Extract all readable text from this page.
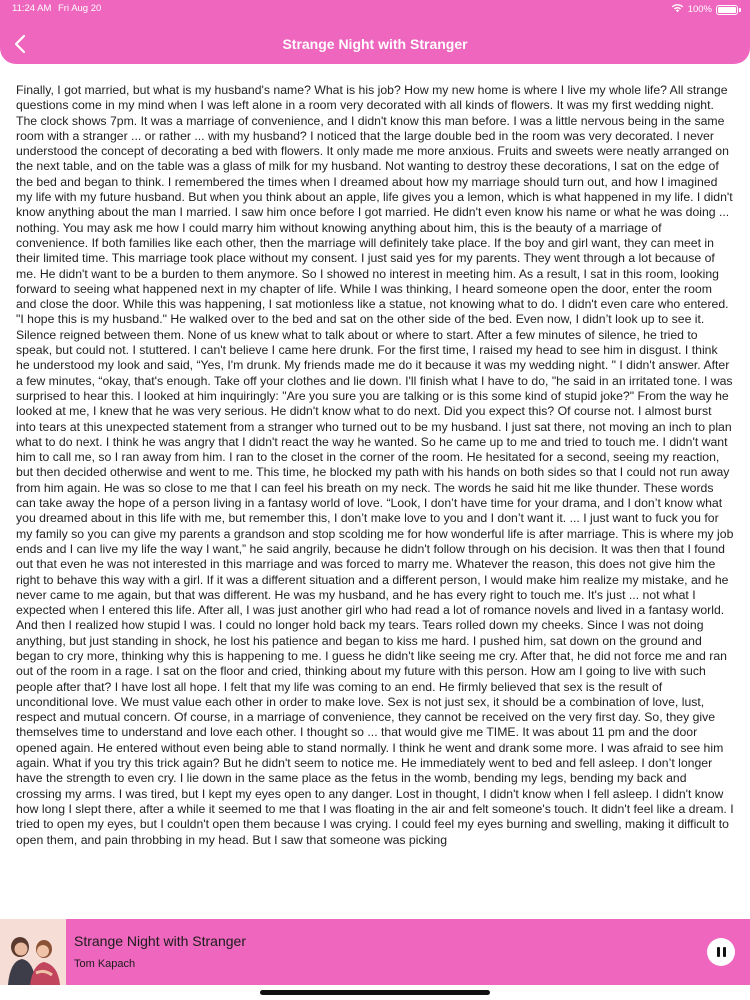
11:24 AM Fri Aug 20	100%
Strange Night with Stranger

Finally, I got married, but what is my husband's name? What is his job? How my new home is where I live my whole life? All strange questions come in my mind when I was left alone in a room very decorated with all kinds of flowers. It was my first wedding night. The clock shows 7pm. It was a marriage of convenience, and I didn't know this man before. I was a little nervous being in the same room with a stranger ... or rather ... with my husband? I noticed that the large double bed in the room was very decorated. I never understood the concept of decorating a bed with flowers. It only made me more anxious. Fruits and sweets were neatly arranged on the next table, and on the table was a glass of milk for my husband. Not wanting to destroy these decorations, I sat on the edge of the bed and began to think. I remembered the times when I dreamed about how my marriage should turn out, and how I imagined my life with my future husband. But when you think about an apple, life gives you a lemon, which is what happened in my life. I didn't know anything about the man I married. I saw him once before I got married. He didn't even know his name or what he was doing ... nothing. You may ask me how I could marry him without knowing anything about him, this is the beauty of a marriage of convenience. If both families like each other, then the marriage will definitely take place. If the boy and girl want, they can meet in their limited time. This marriage took place without my consent. I just said yes for my parents. They went through a lot because of me. He didn't want to be a burden to them anymore. So I showed no interest in meeting him. As a result, I sat in this room, looking forward to seeing what happened next in my chapter of life. While I was thinking, I heard someone open the door, enter the room and close the door. While this was happening, I sat motionless like a statue, not knowing what to do. I didn't even care who entered. "I hope this is my husband." He walked over to the bed and sat on the other side of the bed. Even now, I didn’t look up to see it. Silence reigned between them. None of us knew what to talk about or where to start. After a few minutes of silence, he tried to speak, but could not. I stuttered. I can't believe I came here drunk. For the first time, I raised my head to see him in disgust. I think he understood my look and said, “Yes, I'm drunk. My friends made me do it because it was my wedding night. " I didn't answer. After a few minutes, “okay, that's enough. Take off your clothes and lie down. I'll finish what I have to do, "he said in an irritated tone. I was surprised to hear this. I looked at him inquiringly: "Are you sure you are talking or is this some kind of stupid joke?" From the way he looked at me, I knew that he was very serious. He didn't know what to do next. Did you expect this? Of course not. I almost burst into tears at this unexpected statement from a stranger who turned out to be my husband. I just sat there, not moving an inch to plan what to do next. I think he was angry that I didn't react the way he wanted. So he came up to me and tried to touch me. I didn't want him to call me, so I ran away from him. I ran to the closet in the corner of the room. He hesitated for a second, seeing my reaction, but then decided otherwise and went to me. This time, he blocked my path with his hands on both sides so that I could not run away from him again. He was so close to me that I can feel his breath on my neck. The words he said hit me like thunder. These words can take away the hope of a person living in a fantasy world of love. “Look, I don’t have time for your drama, and I don’t know what you dreamed about in this life with me, but remember this, I don’t make love to you and I don’t want it. ... I just want to fuck you for my family so you can give my parents a grandson and stop scolding me for how wonderful life is after marriage. This is where my job ends and I can live my life the way I want,” he said angrily, because he didn't follow through on his decision. It was then that I found out that even he was not interested in this marriage and was forced to marry me. Whatever the reason, this does not give him the right to behave this way with a girl. If it was a different situation and a different person, I would make him realize my mistake, and he never came to me again, but that was different. He was my husband, and he has every right to touch me. It's just ... not what I expected when I entered this life. After all, I was just another girl who had read a lot of romance novels and lived in a fantasy world. And then I realized how stupid I was. I could no longer hold back my tears. Tears rolled down my cheeks. Since I was not doing anything, but just standing in shock, he lost his patience and began to kiss me hard. I pushed him, sat down on the ground and began to cry more, thinking why this is happening to me. I guess he didn't like seeing me cry. After that, he did not force me and ran out of the room in a rage. I sat on the floor and cried, thinking about my future with this person. How am I going to live with such people after that? I have lost all hope. I felt that my life was coming to an end. He firmly believed that sex is the result of unconditional love. We must value each other in order to make love. Sex is not just sex, it should be a combination of love, lust, respect and mutual concern. Of course, in a marriage of convenience, they cannot be received on the very first day. So, they give themselves time to understand and love each other. I thought so ... that would give me TIME. It was about 11 pm and the door opened again. He entered without even being able to stand normally. I think he went and drank some more. I was afraid to see him again. What if you try this trick again? But he didn't seem to notice me. He immediately went to bed and fell asleep. I don’t longer have the strength to even cry. I lie down in the same place as the fetus in the womb, bending my legs, bending my back and crossing my arms. I was tired, but I kept my eyes open to any danger. Lost in thought, I didn't know when I fell asleep. I didn't know how long I slept there, after a while it seemed to me that I was floating in the air and felt someone's touch. It didn't feel like a dream. I tried to open my eyes, but I couldn't open them because I was crying. I could feel my eyes burning and swelling, making it difficult to open them, and pain throbbing in my head. But I saw that someone was picking

Strange Night with Stranger
Tom Kapach
